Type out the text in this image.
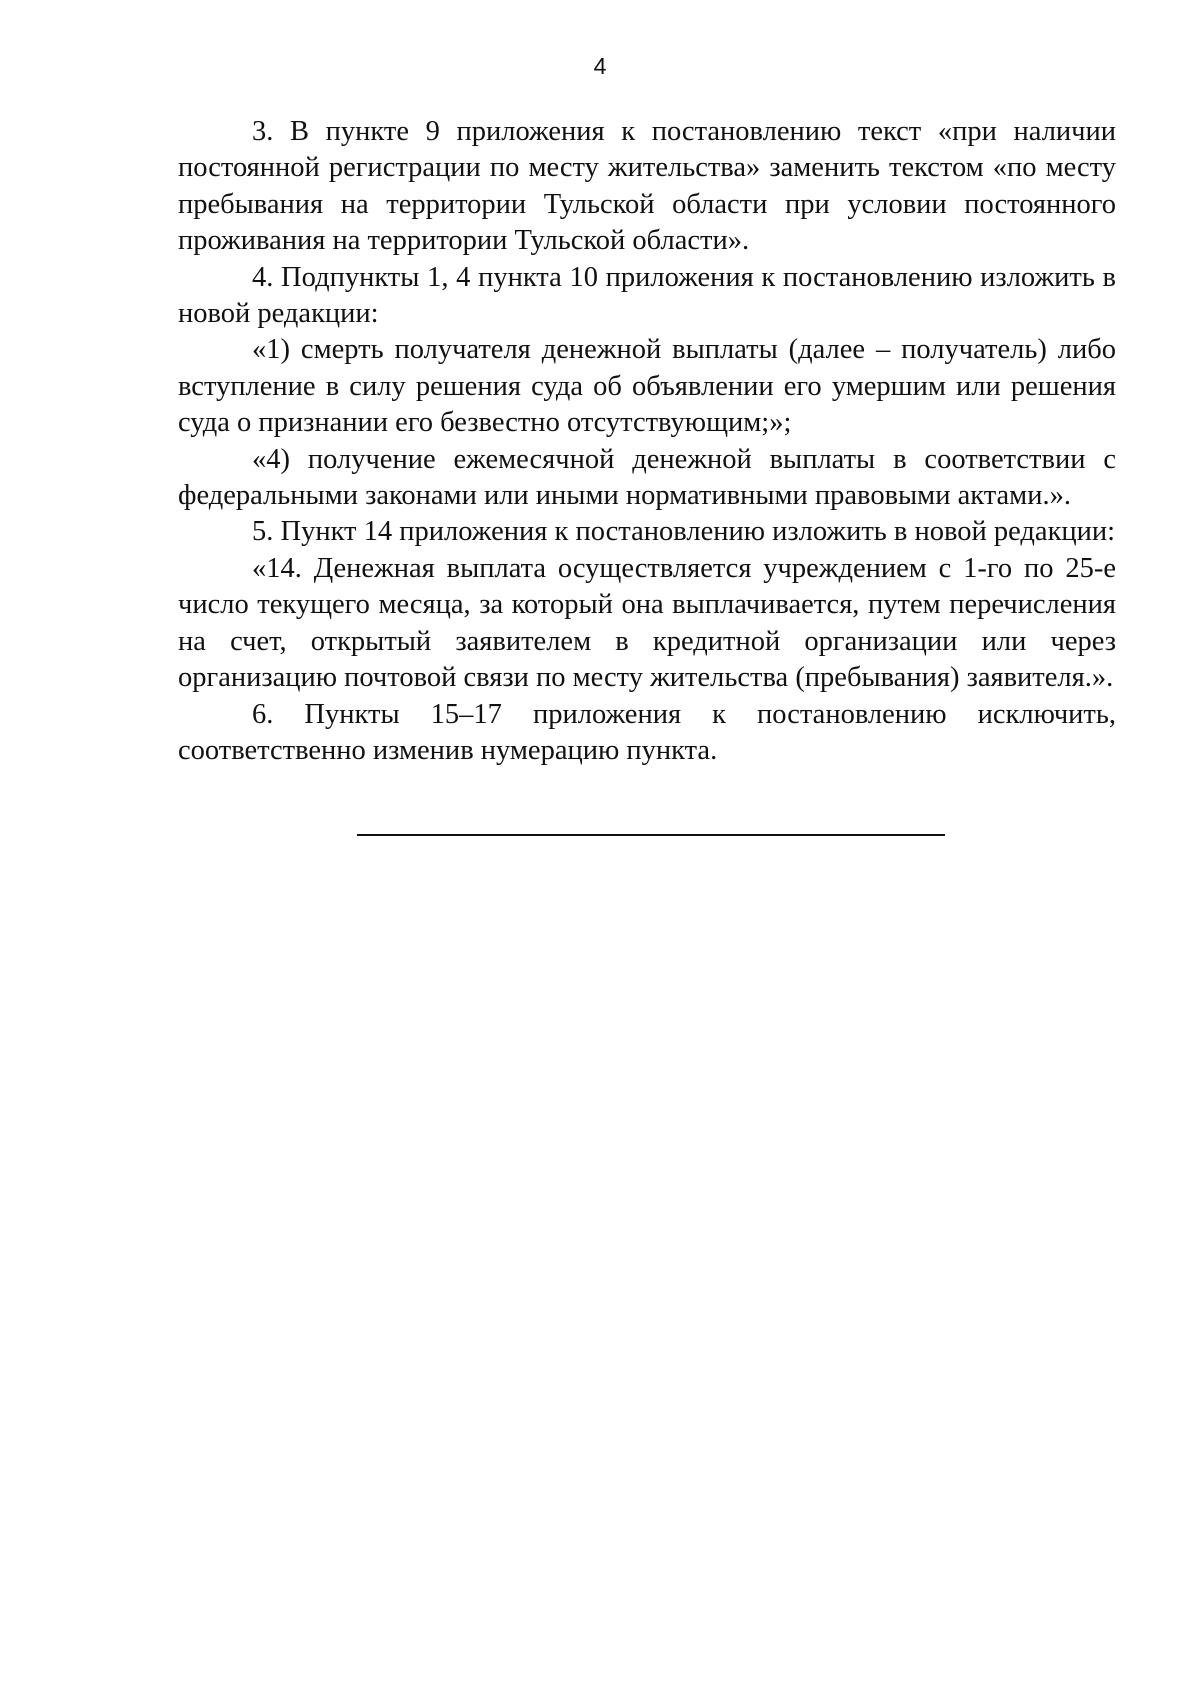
4

3. В пункте 9 приложения к постановлению текст «при наличии постоянной регистрации по месту жительства» заменить текстом «по месту пребывания на территории Тульской области при условии постоянного проживания на территории Тульской области».

4. Подпункты 1, 4 пункта 10 приложения к постановлению изложить в новой редакции:

«1) смерть получателя денежной выплаты (далее – получатель) либо вступление в силу решения суда об объявлении его умершим или решения суда о признании его безвестно отсутствующим;»;

«4) получение ежемесячной денежной выплаты в соответствии с федеральными законами или иными нормативными правовыми актами.».

5. Пункт 14 приложения к постановлению изложить в новой редакции:

«14. Денежная выплата осуществляется учреждением с 1-го по 25-е число текущего месяца, за который она выплачивается, путем перечисления на счет, открытый заявителем в кредитной организации или через организацию почтовой связи по месту жительства (пребывания) заявителя.».

6. Пункты 15–17 приложения к постановлению исключить, соответственно изменив нумерацию пункта.
